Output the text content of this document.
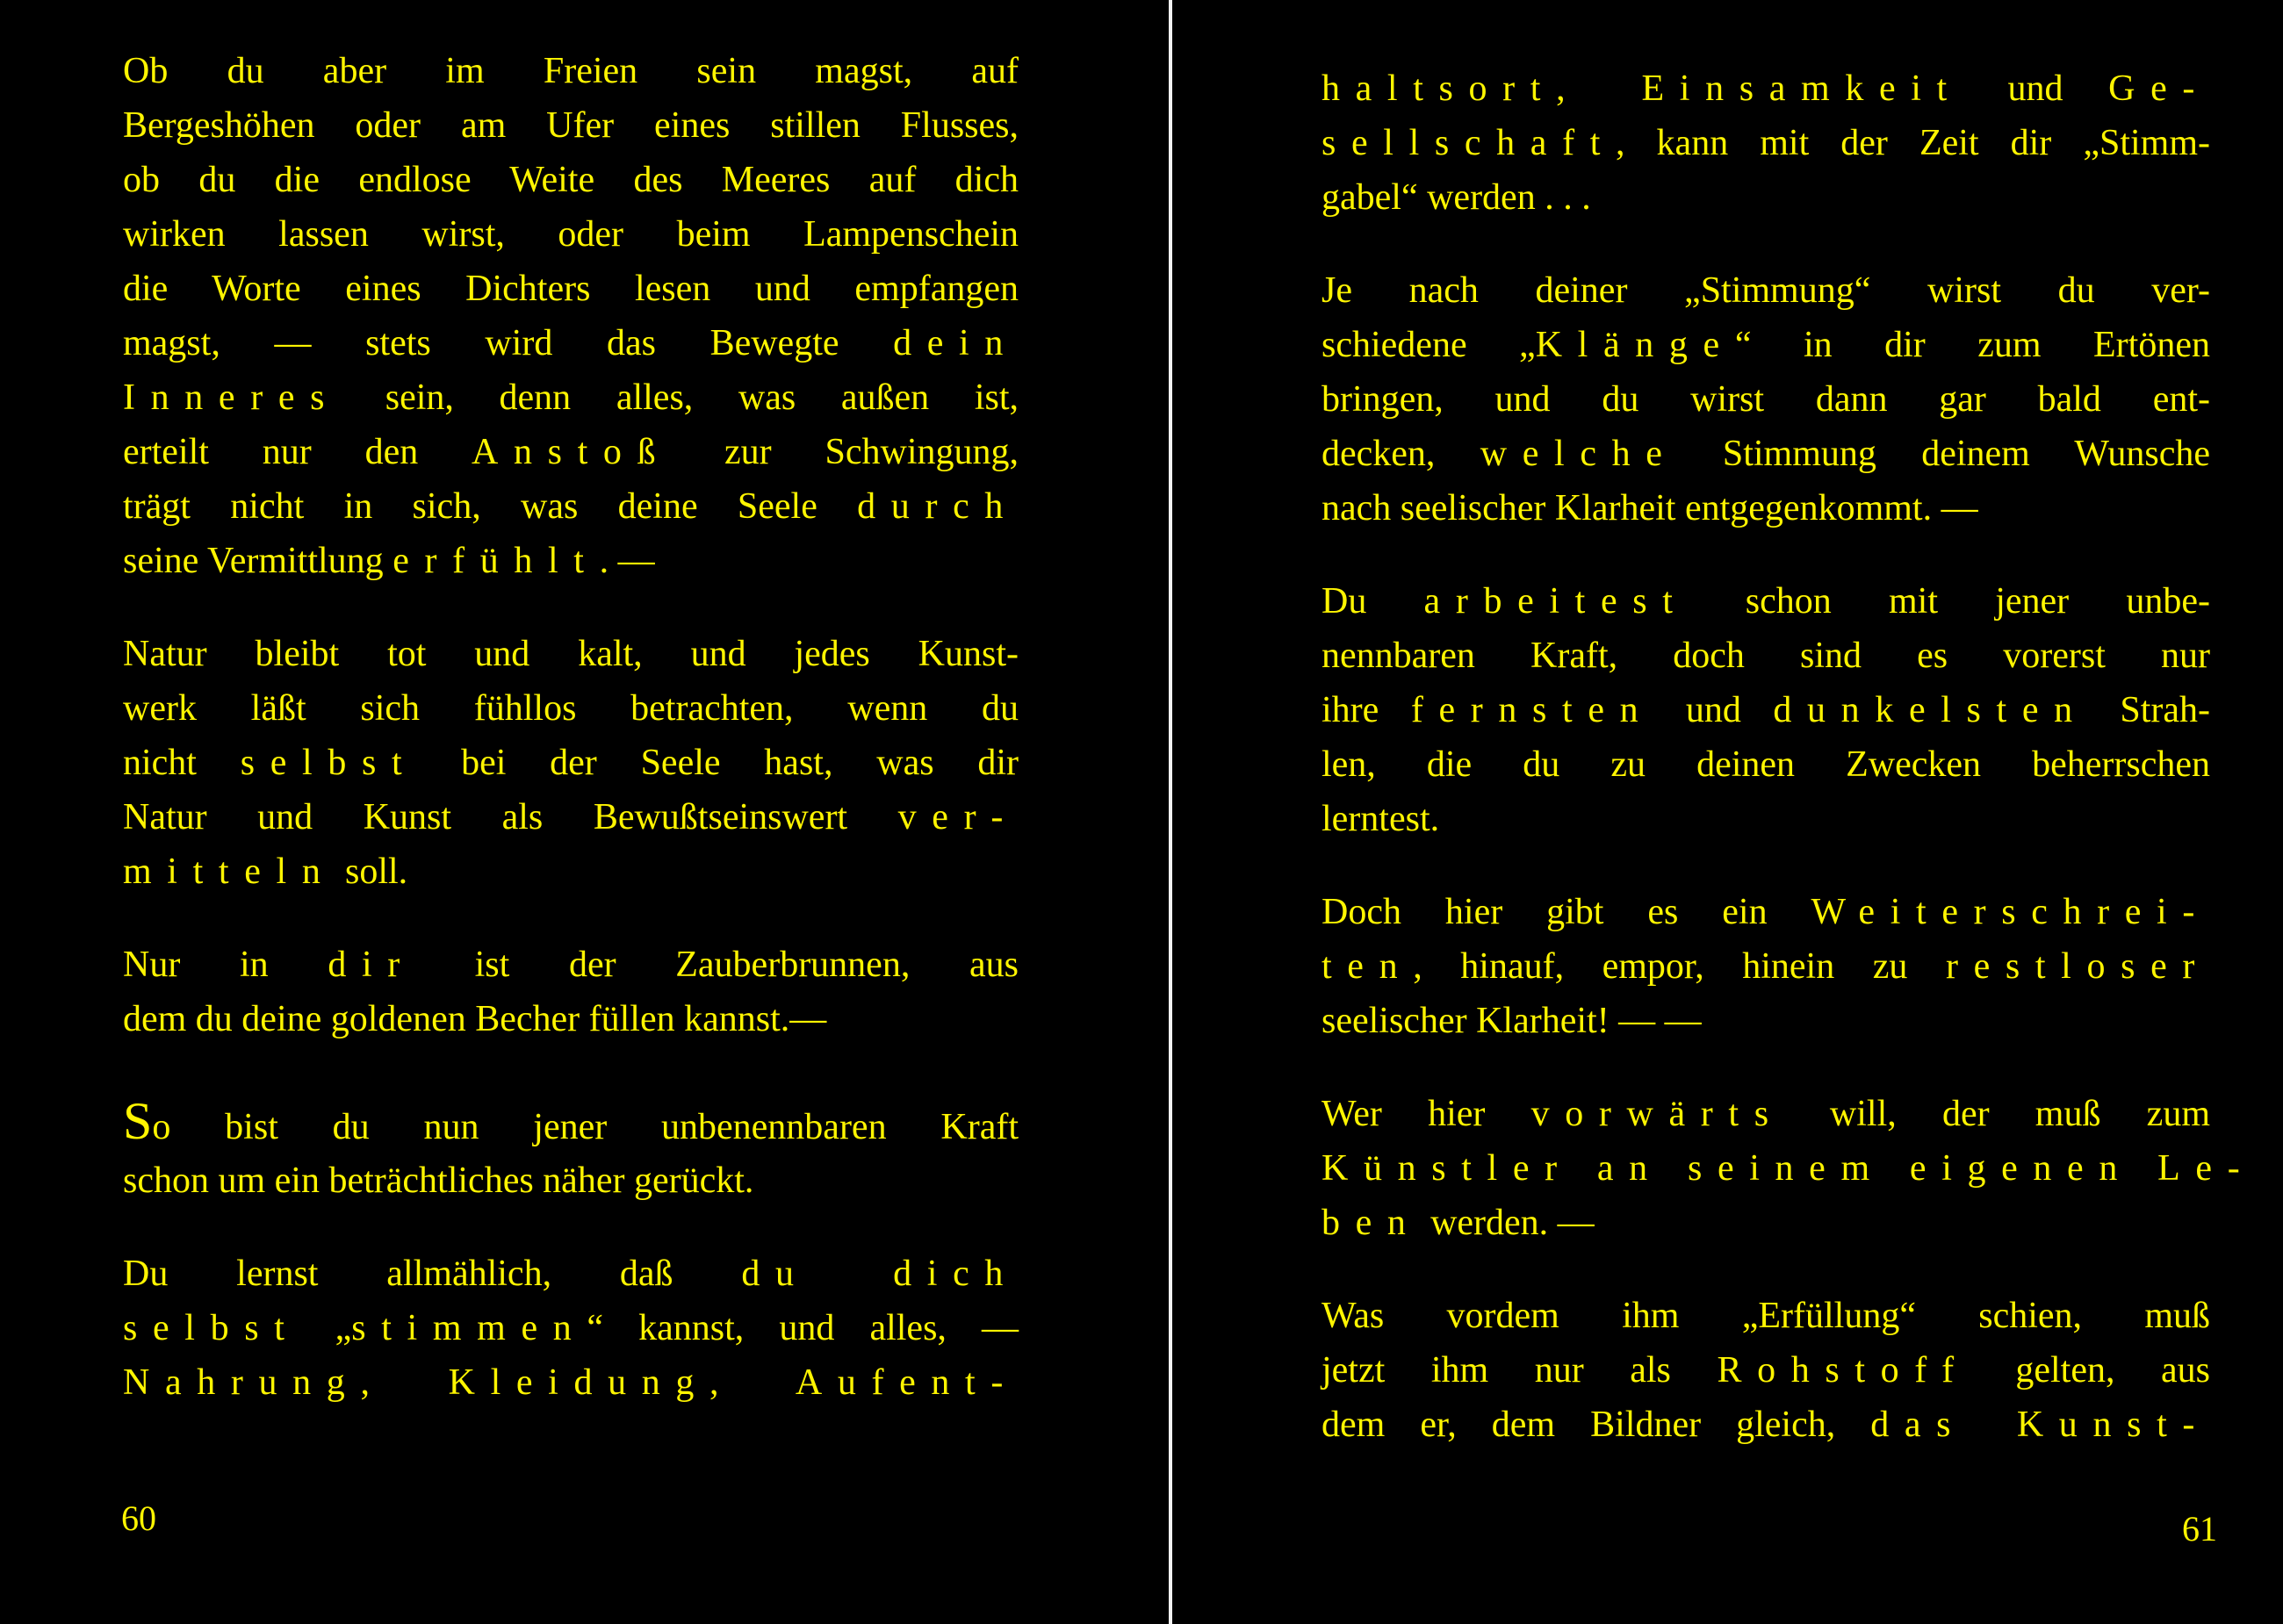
Ob du aber im Freien sein magst, auf
Bergeshöhen oder am Ufer eines stillen Flusses,
ob du die endlose Weite des Meeres auf dich
wirken lassen wirst, oder beim Lampenschein
die Worte eines Dichters lesen und empfangen
magst, — stets wird das Bewegte dein
Inneres sein, denn alles, was außen ist,
erteilt nur den Anstoß zur Schwingung,
trägt nicht in sich, was deine Seele durch
seine Vermittlung erfühlt. —
Natur bleibt tot und kalt, und jedes Kunst-
werk läßt sich fühllos betrachten, wenn du
nicht selbst bei der Seele hast, was dir
Natur und Kunst als Bewußtseinswert ver-
mitteln soll.
Nur in dir ist der Zauberbrunnen, aus
dem du deine goldenen Becher füllen kannst.—
So bist du nun jener unbenennbaren Kraft
schon um ein beträchtliches näher gerückt.
Du lernst allmählich, daß du dich
selbst „stimmen“ kannst, und alles, —
Nahrung, Kleidung, Aufent-
60
haltsort, Einsamkeit und Ge-
sellschaft, kann mit der Zeit dir „Stimm-
gabel“ werden . . .
Je nach deiner „Stimmung“ wirst du ver-
schiedene „Klänge“ in dir zum Ertönen
bringen, und du wirst dann gar bald ent-
decken, welche Stimmung deinem Wunsche
nach seelischer Klarheit entgegenkommt. —
Du arbeitest schon mit jener unbe-
nennbaren Kraft, doch sind es vorerst nur
ihre fernsten und dunkelsten Strah-
len, die du zu deinen Zwecken beherrschen
lerntest.
Doch hier gibt es ein Weiterschrei-
ten, hinauf, empor, hinein zu restloser
seelischer Klarheit! — —
Wer hier vorwärts will, der muß zum
Künstler an seinem eigenen Le-
ben werden. —
Was vordem ihm „Erfüllung“ schien, muß
jetzt ihm nur als Rohstoff gelten, aus
dem er, dem Bildner gleich, das Kunst-
61
